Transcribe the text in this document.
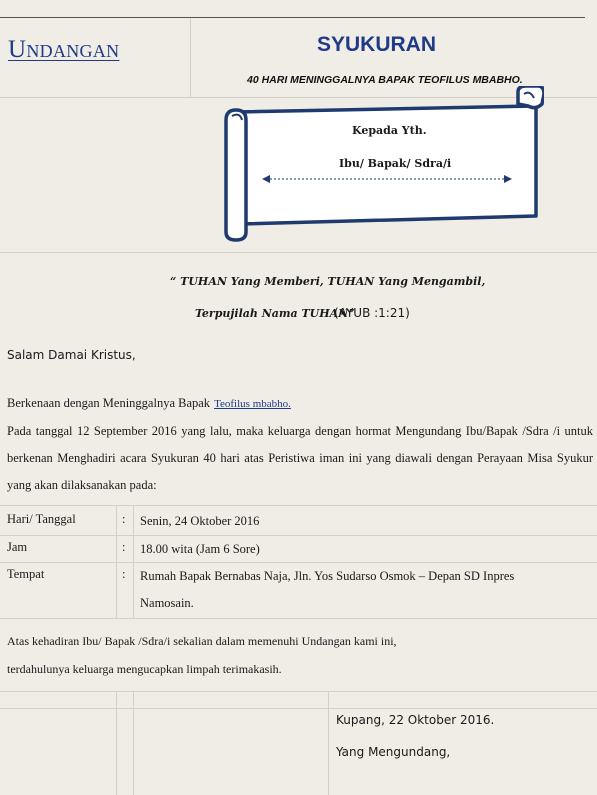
Undangan	SYUKURAN
40 HARI MENINGGALNYA BAPAK TEOFILUS MBABHO.
Kepada Yth.
Ibu/ Bapak/ Sdra/i
“ TUHAN Yang Memberi, TUHAN Yang Mengambil,
Terpujilah Nama TUHAN”
(AYUB :1:21)
Salam Damai Kristus,
Berkenaan dengan Meninggalnya Bapak Teofilus mbabho.
Pada tanggal 12 September 2016 yang lalu, maka keluarga dengan hormat Mengundang Ibu/Bapak /Sdra /i untuk berkenan Menghadiri acara Syukuran 40 hari atas Peristiwa iman ini yang diawali dengan Perayaan Misa Syukur yang akan dilaksanakan pada:
Hari/ Tanggal	: Senin, 24 Oktober 2016
Jam	: 18.00 wita (Jam 6 Sore)
Tempat	: Rumah Bapak Bernabas Naja, Jln. Yos Sudarso Osmok – Depan SD Inpres
Namosain.
Atas kehadiran Ibu/ Bapak /Sdra/i sekalian dalam memenuhi Undangan kami ini,
terdahulunya keluarga mengucapkan limpah terimakasih.
Kupang, 22 Oktober 2016.
Yang Mengundang,
